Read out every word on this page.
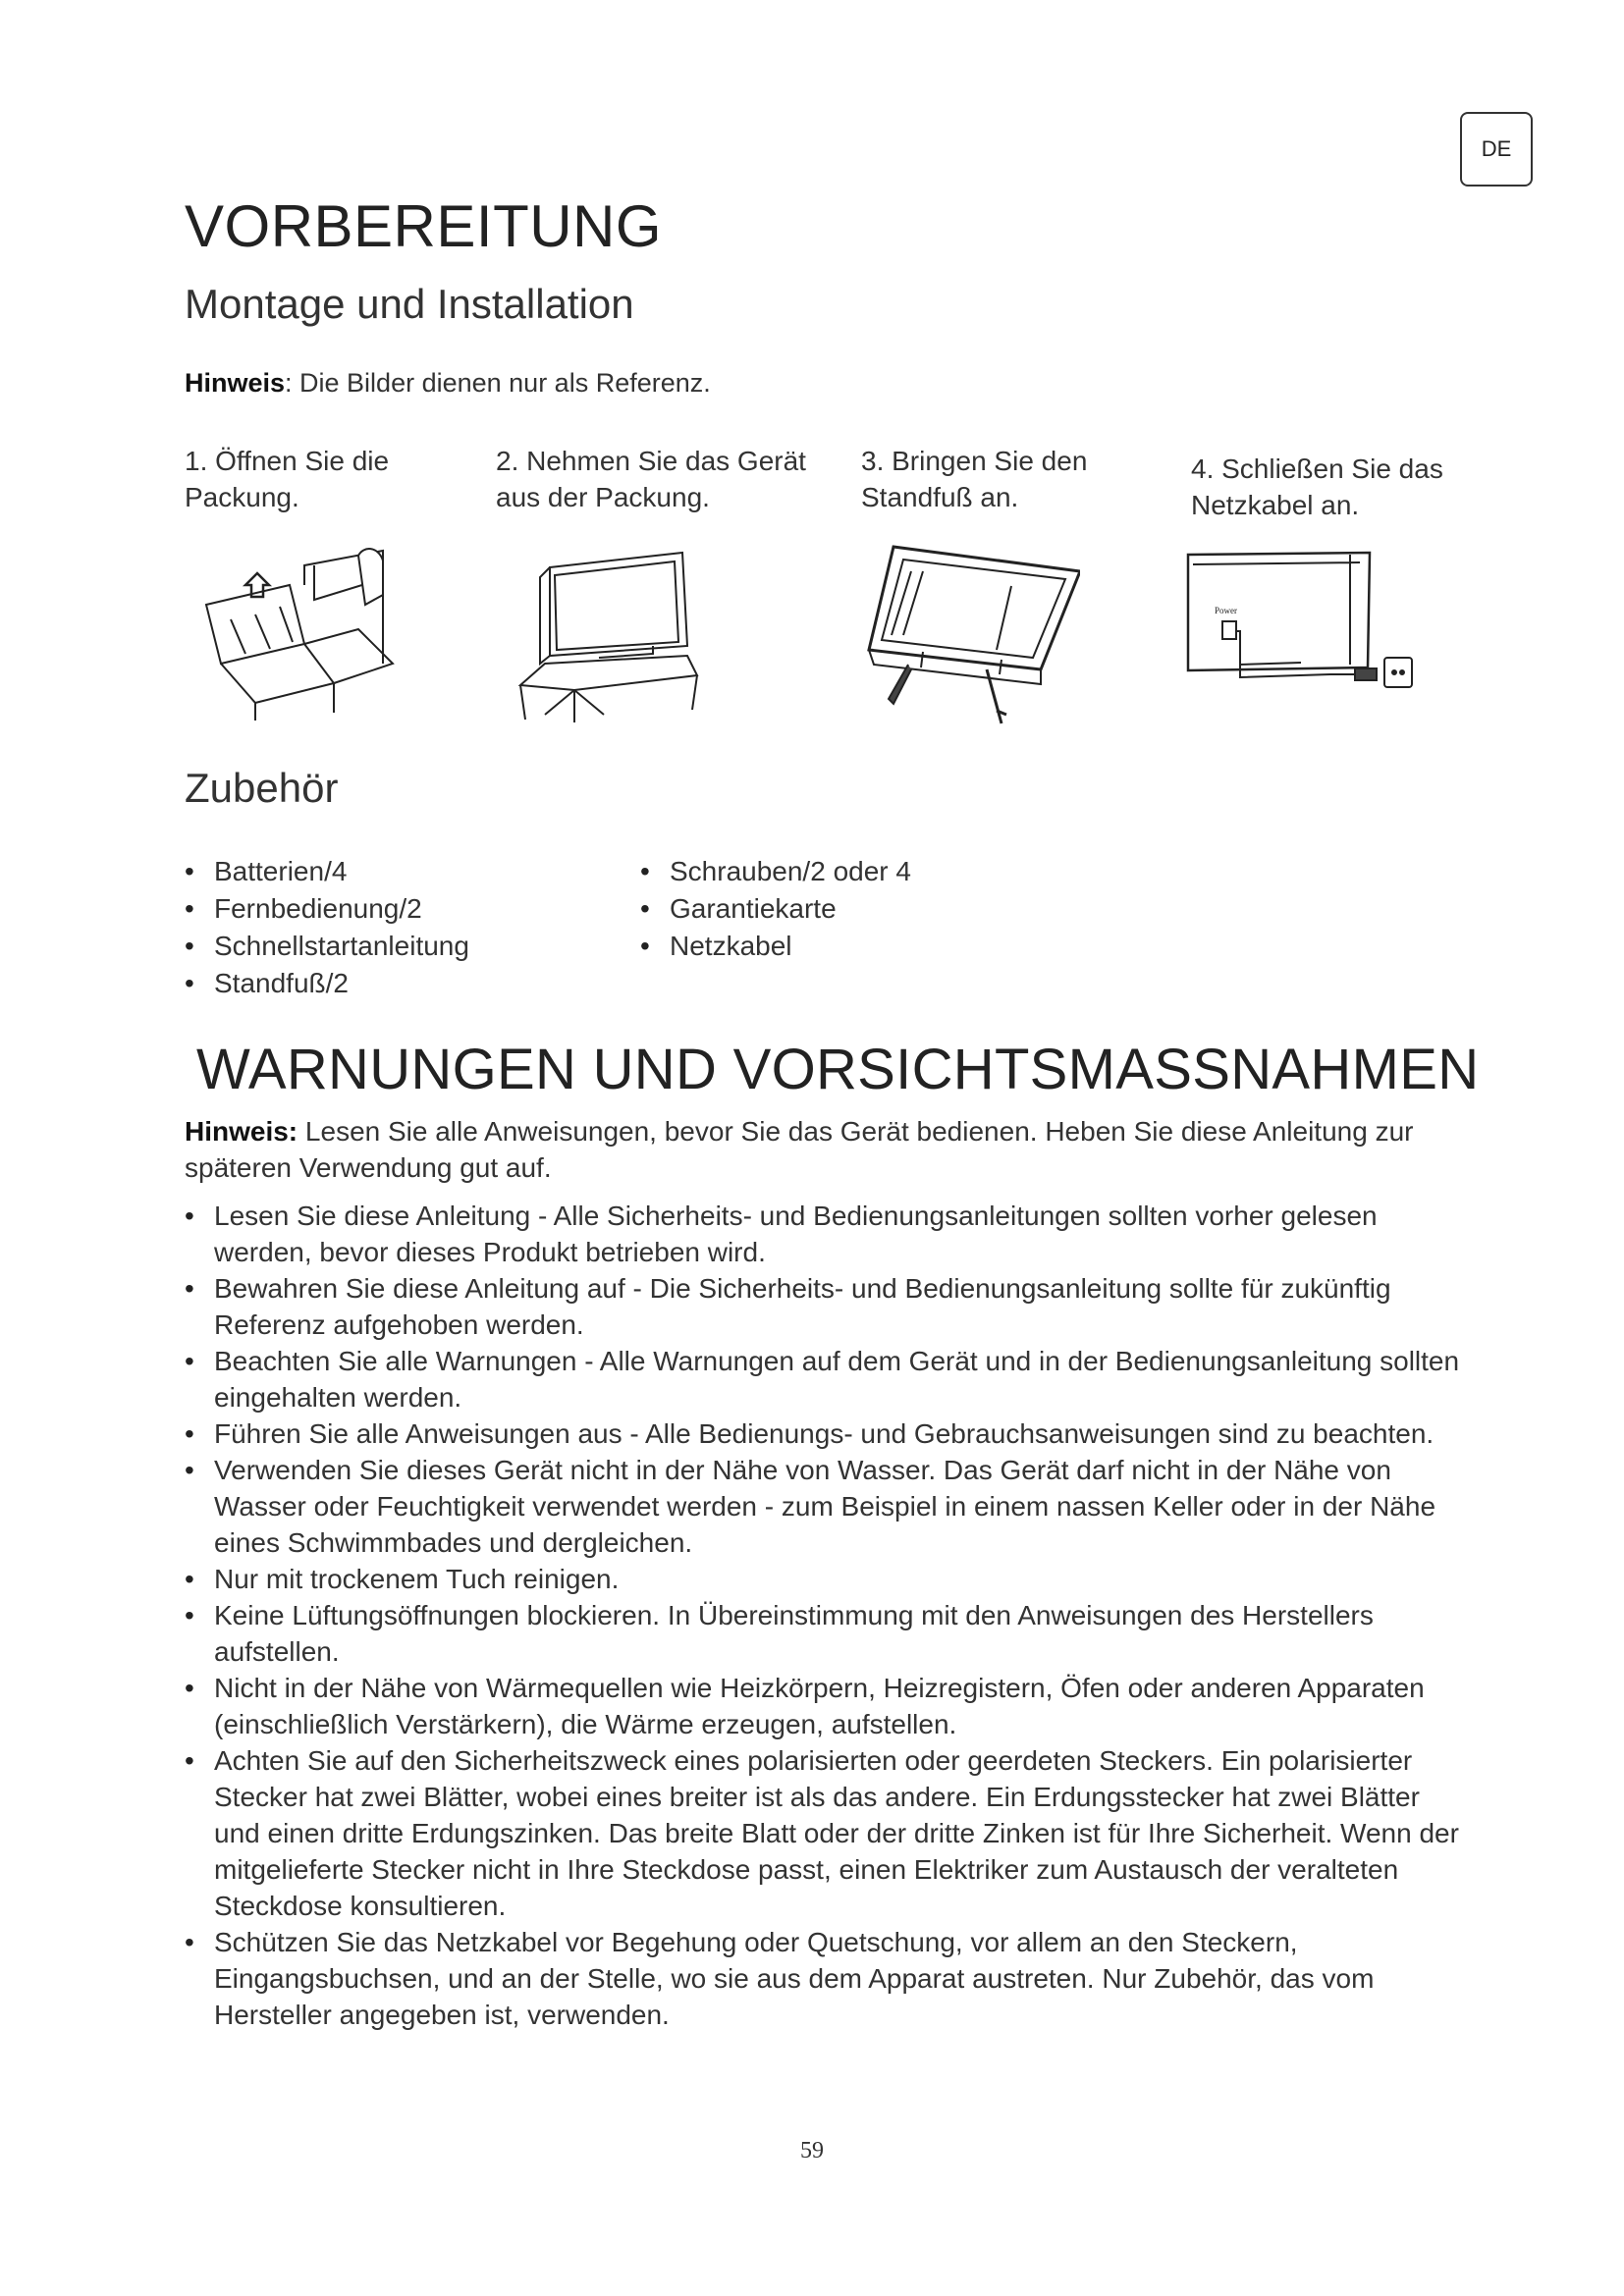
DE
VORBEREITUNG
Montage und Installation

Hinweis: Die Bilder dienen nur als Referenz.

1. Öffnen Sie die
Packung.
2. Nehmen Sie das Gerät
aus der Packung.
3. Bringen Sie den
Standfuß an.
4. Schließen Sie das
Netzkabel an.
Power
Zubehör
• Batterien/4
• Fernbedienung/2
• Schnellstartanleitung
• Standfuß/2
• Schrauben/2 oder 4
• Garantiekarte
• Netzkabel
WARNUNGEN UND VORSICHTSMASSNAHMEN

Hinweis: Lesen Sie alle Anweisungen, bevor Sie das Gerät bedienen. Heben Sie diese Anleitung zur späteren Verwendung gut auf.

• Lesen Sie diese Anleitung - Alle Sicherheits- und Bedienungsanleitungen sollten vorher gelesen werden, bevor dieses Produkt betrieben wird.
• Bewahren Sie diese Anleitung auf - Die Sicherheits- und Bedienungsanleitung sollte für zukünftig Referenz aufgehoben werden.
• Beachten Sie alle Warnungen - Alle Warnungen auf dem Gerät und in der Bedienungsanleitung sollten eingehalten werden.
• Führen Sie alle Anweisungen aus - Alle Bedienungs- und Gebrauchsanweisungen sind zu beachten.
• Verwenden Sie dieses Gerät nicht in der Nähe von Wasser. Das Gerät darf nicht in der Nähe von Wasser oder Feuchtigkeit verwendet werden - zum Beispiel in einem nassen Keller oder in der Nähe eines Schwimmbades und dergleichen.
• Nur mit trockenem Tuch reinigen.
• Keine Lüftungsöffnungen blockieren. In Übereinstimmung mit den Anweisungen des Herstellers aufstellen.
• Nicht in der Nähe von Wärmequellen wie Heizkörpern, Heizregistern, Öfen oder anderen Apparaten (einschließlich Verstärkern), die Wärme erzeugen, aufstellen.
• Achten Sie auf den Sicherheitszweck eines polarisierten oder geerdeten Steckers. Ein polarisierter Stecker hat zwei Blätter, wobei eines breiter ist als das andere. Ein Erdungsstecker hat zwei Blätter und einen dritte Erdungszinken. Das breite Blatt oder der dritte Zinken ist für Ihre Sicherheit. Wenn der mitgelieferte Stecker nicht in Ihre Steckdose passt, einen Elektriker zum Austausch der veralteten Steckdose konsultieren.
• Schützen Sie das Netzkabel vor Begehung oder Quetschung, vor allem an den Steckern, Eingangsbuchsen, und an der Stelle, wo sie aus dem Apparat austreten. Nur Zubehör, das vom Hersteller angegeben ist, verwenden.
59
